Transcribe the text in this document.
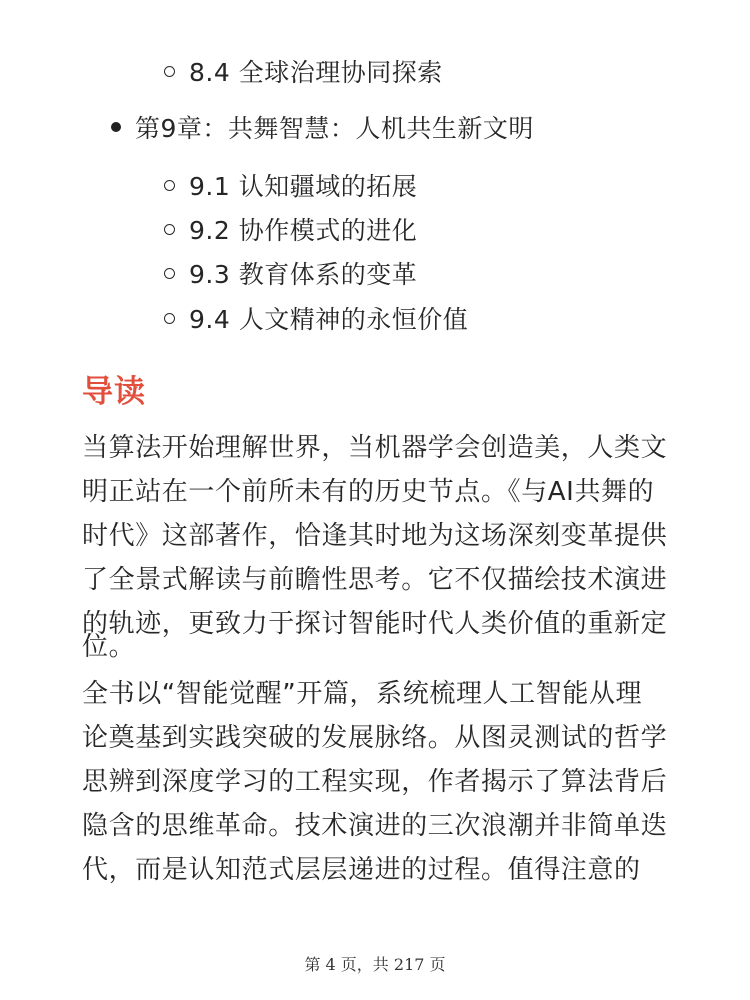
8.4 全球治理协同探索
第9章：共舞智慧：人机共生新文明
9.1 认知疆域的拓展
9.2 协作模式的进化
9.3 教育体系的变革
9.4 人文精神的永恒价值
导读
当算法开始理解世界，当机器学会创造美，人类文
明正站在一个前所未有的历史节点。《与AI共舞的
时代》这部著作，恰逢其时地为这场深刻变革提供
了全景式解读与前瞻性思考。它不仅描绘技术演进
的轨迹，更致力于探讨智能时代人类价值的重新定
位。
全书以“智能觉醒”开篇，系统梳理人工智能从理
论奠基到实践突破的发展脉络。从图灵测试的哲学
思辨到深度学习的工程实现，作者揭示了算法背后
隐含的思维革命。技术演进的三次浪潮并非简单迭
代，而是认知范式层层递进的过程。值得注意的
第 4 页，共 217 页
